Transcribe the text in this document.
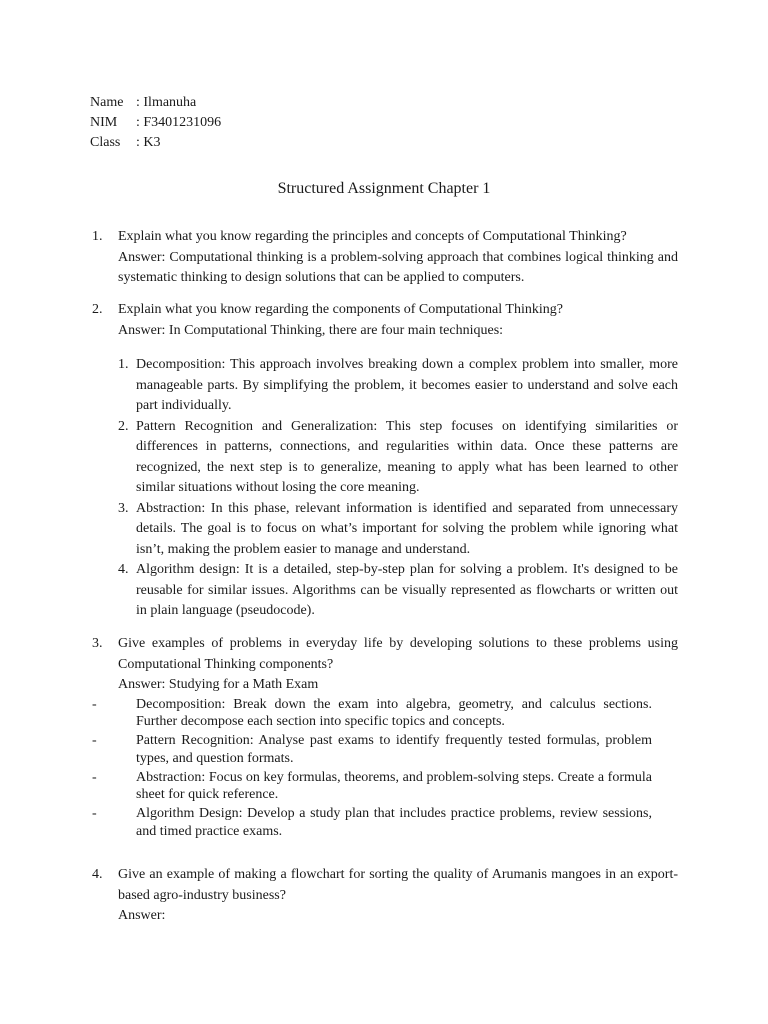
Name : Ilmanuha
NIM	: F3401231096
Class	: K3
Structured Assignment Chapter 1
1. Explain what you know regarding the principles and concepts of Computational Thinking?

Answer: Computational thinking is a problem-solving approach that combines logical thinking and systematic thinking to design solutions that can be applied to computers.

2. Explain what you know regarding the components of Computational Thinking?

Answer: In Computational Thinking, there are four main techniques:

1. Decomposition: This approach involves breaking down a complex problem into smaller, more manageable parts. By simplifying the problem, it becomes easier to understand and solve each part individually.
2. Pattern Recognition and Generalization: This step focuses on identifying similarities or differences in patterns, connections, and regularities within data. Once these patterns are recognized, the next step is to generalize, meaning to apply what has been learned to other similar situations without losing the core meaning.
3. Abstraction: In this phase, relevant information is identified and separated from unnecessary details. The goal is to focus on what’s important for solving the problem while ignoring what isn’t, making the problem easier to manage and understand.
4. Algorithm design: It is a detailed, step-by-step plan for solving a problem. It's designed to be reusable for similar issues. Algorithms can be visually represented as flowcharts or written out in plain language (pseudocode).
3. Give examples of problems in everyday life by developing solutions to these problems using Computational Thinking components?

Answer: Studying for a Math Exam

-	Decomposition: Break down the exam into algebra, geometry, and calculus sections. Further decompose each section into specific topics and concepts.
-	Pattern Recognition: Analyse past exams to identify frequently tested formulas, problem types, and question formats.
-	Abstraction: Focus on key formulas, theorems, and problem-solving steps. Create a formula sheet for quick reference.
-	Algorithm Design: Develop a study plan that includes practice problems, review sessions, and timed practice exams.
4. Give an example of making a flowchart for sorting the quality of Arumanis mangoes in an export-based agro-industry business?

Answer:
